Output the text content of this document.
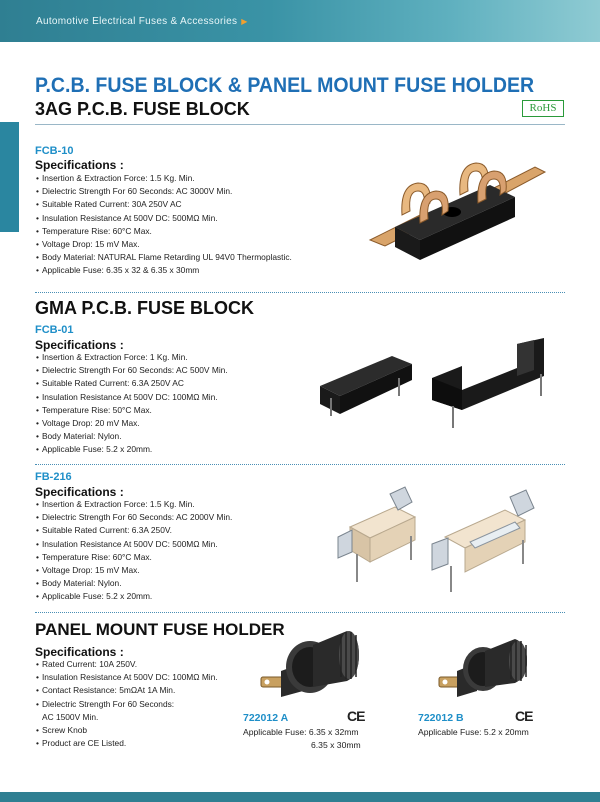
Automotive Electrical Fuses & Accessories ▶
P.C.B. FUSE BLOCK & PANEL MOUNT FUSE HOLDER
3AG P.C.B. FUSE BLOCK	RoHS
FCB-10
Specifications :
• Insertion & Extraction Force: 1.5 Kg. Min.
• Dielectric Strength For 60 Seconds: AC 3000V Min.
• Suitable Rated Current: 30A 250V AC
• Insulation Resistance At 500V DC: 500MΩ Min.
• Temperature Rise: 60°C Max.
• Voltage Drop: 15 mV Max.
• Body Material: NATURAL Flame Retarding UL 94V0 Thermoplastic.
• Applicable Fuse: 6.35 x 32 & 6.35 x 30mm
GMA P.C.B. FUSE BLOCK
FCB-01
Specifications :
• Insertion & Extraction Force: 1 Kg. Min.
• Dielectric Strength For 60 Seconds: AC 500V Min.
• Suitable Rated Current: 6.3A 250V AC
• Insulation Resistance At 500V DC: 100MΩ Min.
• Temperature Rise: 50°C Max.
• Voltage Drop: 20 mV Max.
• Body Material: Nylon.
• Applicable Fuse: 5.2 x 20mm.
FB-216
Specifications :
• Insertion & Extraction Force: 1.5 Kg. Min.
• Dielectric Strength For 60 Seconds: AC 2000V Min.
• Suitable Rated Current: 6.3A 250V.
• Insulation Resistance At 500V DC: 500MΩ Min.
• Temperature Rise: 60°C Max.
• Voltage Drop: 15 mV Max.
• Body Material: Nylon.
• Applicable Fuse: 5.2 x 20mm.
PANEL MOUNT FUSE HOLDER
Specifications :
• Rated Current: 10A 250V.
• Insulation Resistance At 500V DC: 100MΩ Min.
• Contact Resistance: 5mΩAt 1A Min.
• Dielectric Strength For 60 Seconds:
AC 1500V Min.
• Screw Knob
• Product are CE Listed.
722012 A	CE
Applicable Fuse: 6.35 x 32mm
6.35 x 30mm
722012 B	CE
Applicable Fuse: 5.2 x 20mm
